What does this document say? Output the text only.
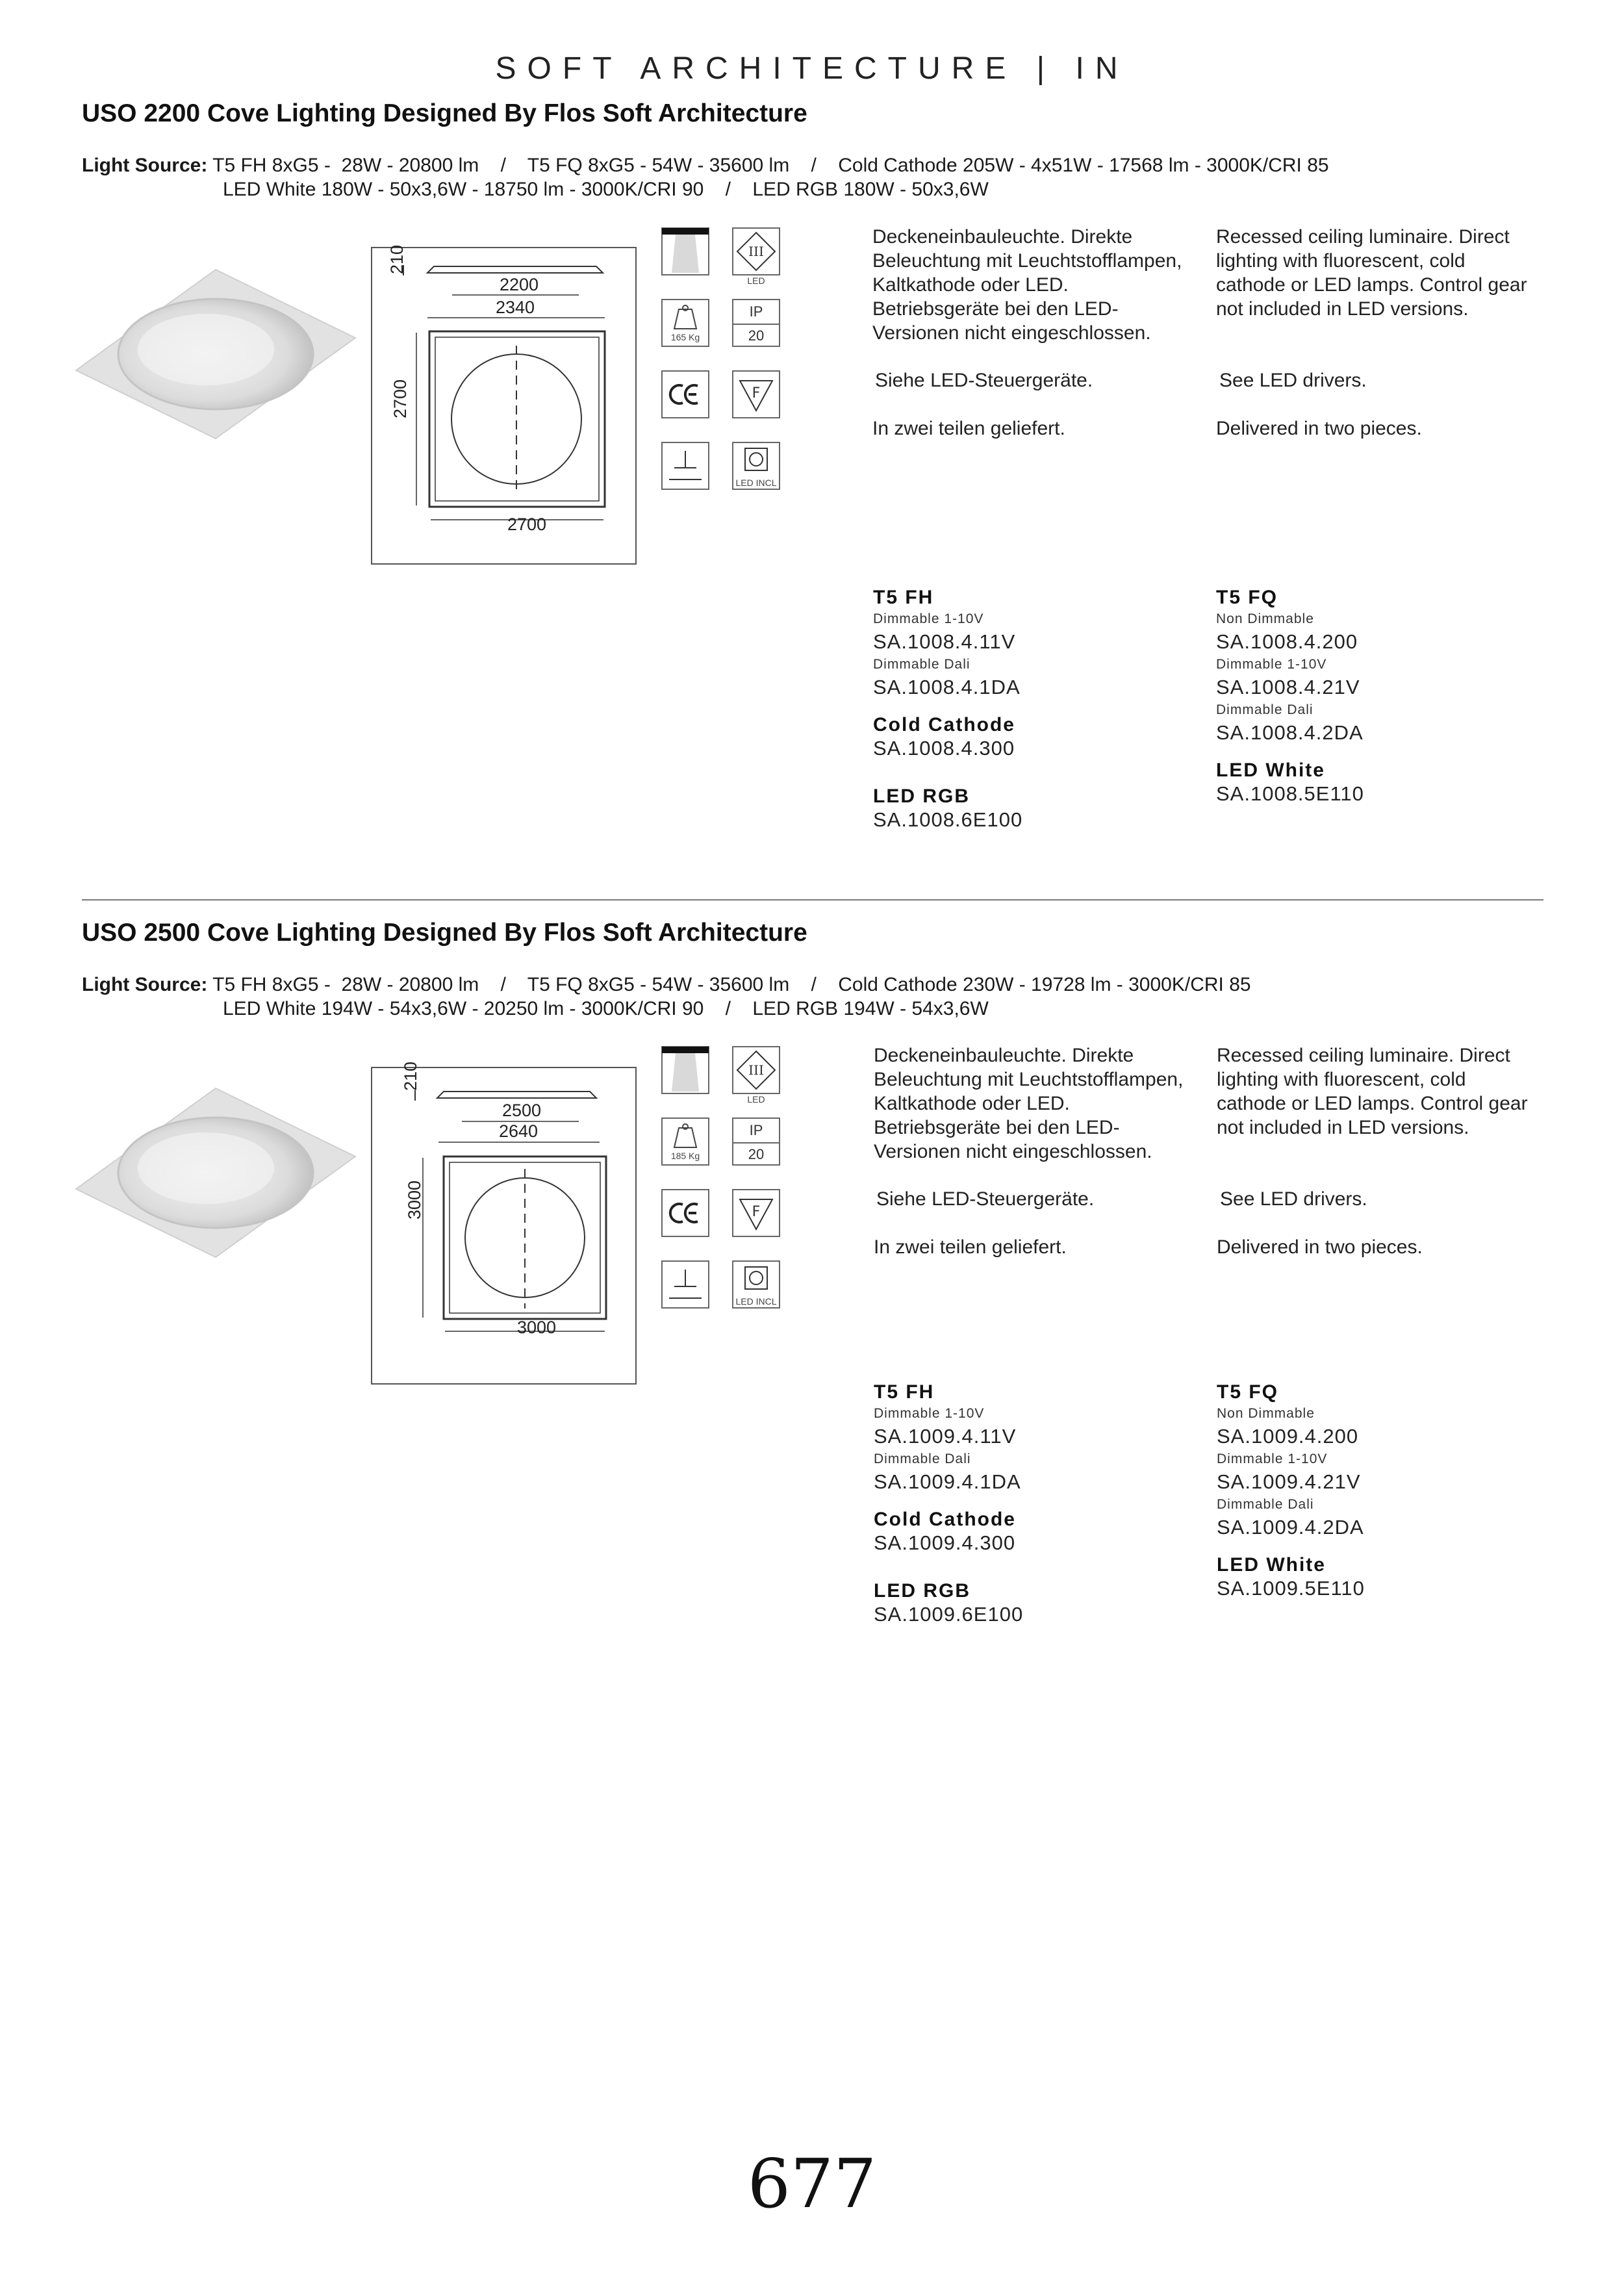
SOFT ARCHITECTURE | IN
USO 2200 Cove Lighting Designed By Flos Soft Architecture
Light Source: T5 FH 8xG5 -  28W - 20800 lm    /    T5 FQ 8xG5 - 54W - 35600 lm    /    Cold Cathode 205W - 4x51W - 17568 lm - 3000K/CRI 85
LED White 180W - 50x3,6W - 18750 lm - 3000K/CRI 90    /    LED RGB 180W - 50x3,6W
2200
2340
210
2700
2700
III
LED
165 Kg
IP
20
F
LED INCL
Deckeneinbauleuchte. Direkte
Beleuchtung mit Leuchtstofflampen,
Kaltkathode oder LED.
Betriebsgeräte bei den LED-
Versionen nicht eingeschlossen.
Siehe LED-Steuergeräte.
In zwei teilen geliefert.
Recessed ceiling luminaire. Direct
lighting with fluorescent, cold
cathode or LED lamps. Control gear
not included in LED versions.
See LED drivers.
Delivered in two pieces.
T5 FH
Dimmable 1-10V
SA.1008.4.11V
Dimmable Dali
SA.1008.4.1DA
Cold Cathode
SA.1008.4.300
LED RGB
SA.1008.6E100
T5 FQ
Non Dimmable
SA.1008.4.200
Dimmable 1-10V
SA.1008.4.21V
Dimmable Dali
SA.1008.4.2DA
LED White
SA.1008.5E110
USO 2500 Cove Lighting Designed By Flos Soft Architecture
Light Source: T5 FH 8xG5 -  28W - 20800 lm    /    T5 FQ 8xG5 - 54W - 35600 lm    /    Cold Cathode 230W - 19728 lm - 3000K/CRI 85
LED White 194W - 54x3,6W - 20250 lm - 3000K/CRI 90    /    LED RGB 194W - 54x3,6W
2500
2640
210
3000
3000
III
LED
185 Kg
IP
20
F
LED INCL
Deckeneinbauleuchte. Direkte
Beleuchtung mit Leuchtstofflampen,
Kaltkathode oder LED.
Betriebsgeräte bei den LED-
Versionen nicht eingeschlossen.
Siehe LED-Steuergeräte.
In zwei teilen geliefert.
Recessed ceiling luminaire. Direct
lighting with fluorescent, cold
cathode or LED lamps. Control gear
not included in LED versions.
See LED drivers.
Delivered in two pieces.
T5 FH
Dimmable 1-10V
SA.1009.4.11V
Dimmable Dali
SA.1009.4.1DA
Cold Cathode
SA.1009.4.300
LED RGB
SA.1009.6E100
T5 FQ
Non Dimmable
SA.1009.4.200
Dimmable 1-10V
SA.1009.4.21V
Dimmable Dali
SA.1009.4.2DA
LED White
SA.1009.5E110
677
